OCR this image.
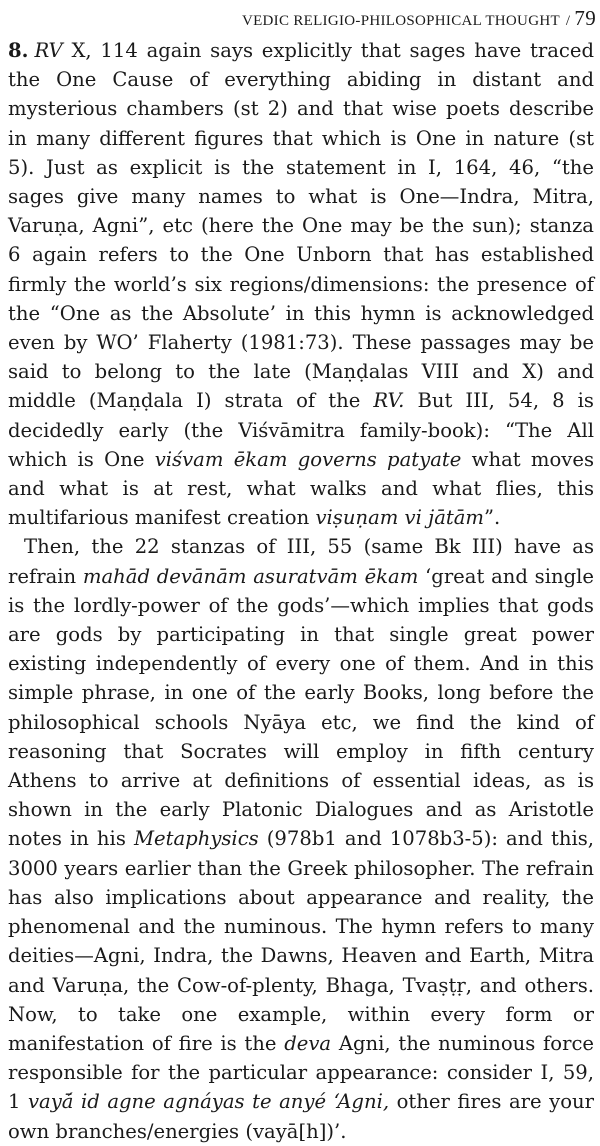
VEDIC RELIGIO-PHILOSOPHICAL THOUGHT / 79

8. RV X, 114 again says explicitly that sages have traced the One Cause of everything abiding in distant and mysterious chambers (st 2) and that wise poets describe in many different figures that which is One in nature (st 5). Just as explicit is the statement in I, 164, 46, “the sages give many names to what is One—Indra, Mitra, Varuṇa, Agni”, etc (here the One may be the sun); stanza 6 again refers to the One Unborn that has established firmly the world’s six regions/dimensions: the presence of the “One as the Absolute’ in this hymn is acknowledged even by WO’ Flaherty (1981:73). These passages may be said to belong to the late (Maṇḍalas VIII and X) and middle (Maṇḍala I) strata of the RV. But III, 54, 8 is decidedly early (the Viśvāmitra family-book): “The All which is One viśvam ēkam governs patyate what moves and what is at rest, what walks and what flies, this multifarious manifest creation viṣuṇam vi jātām”.

Then, the 22 stanzas of III, 55 (same Bk III) have as refrain mahād devānām asuratvām ēkam ‘great and single is the lordly-power of the gods’—which implies that gods are gods by participating in that single great power existing independently of every one of them. And in this simple phrase, in one of the early Books, long before the philosophical schools Nyāya etc, we find the kind of reasoning that Socrates will employ in fifth century Athens to arrive at definitions of essential ideas, as is shown in the early Platonic Dialogues and as Aristotle notes in his Metaphysics (978b1 and 1078b3-5): and this, 3000 years earlier than the Greek philosopher. The refrain has also implications about appearance and reality, the phenomenal and the numinous. The hymn refers to many deities—Agni, Indra, the Dawns, Heaven and Earth, Mitra and Varuṇa, the Cow-of-plenty, Bhaga, Tvaṣṭṛ, and others. Now, to take one example, within every form or manifestation of fire is the deva Agni, the numinous force responsible for the particular appearance: consider I, 59, 1 vayā́ id agne agnáyas te anyé ‘Agni, other fires are your own branches/energies (vayā[h])’.
